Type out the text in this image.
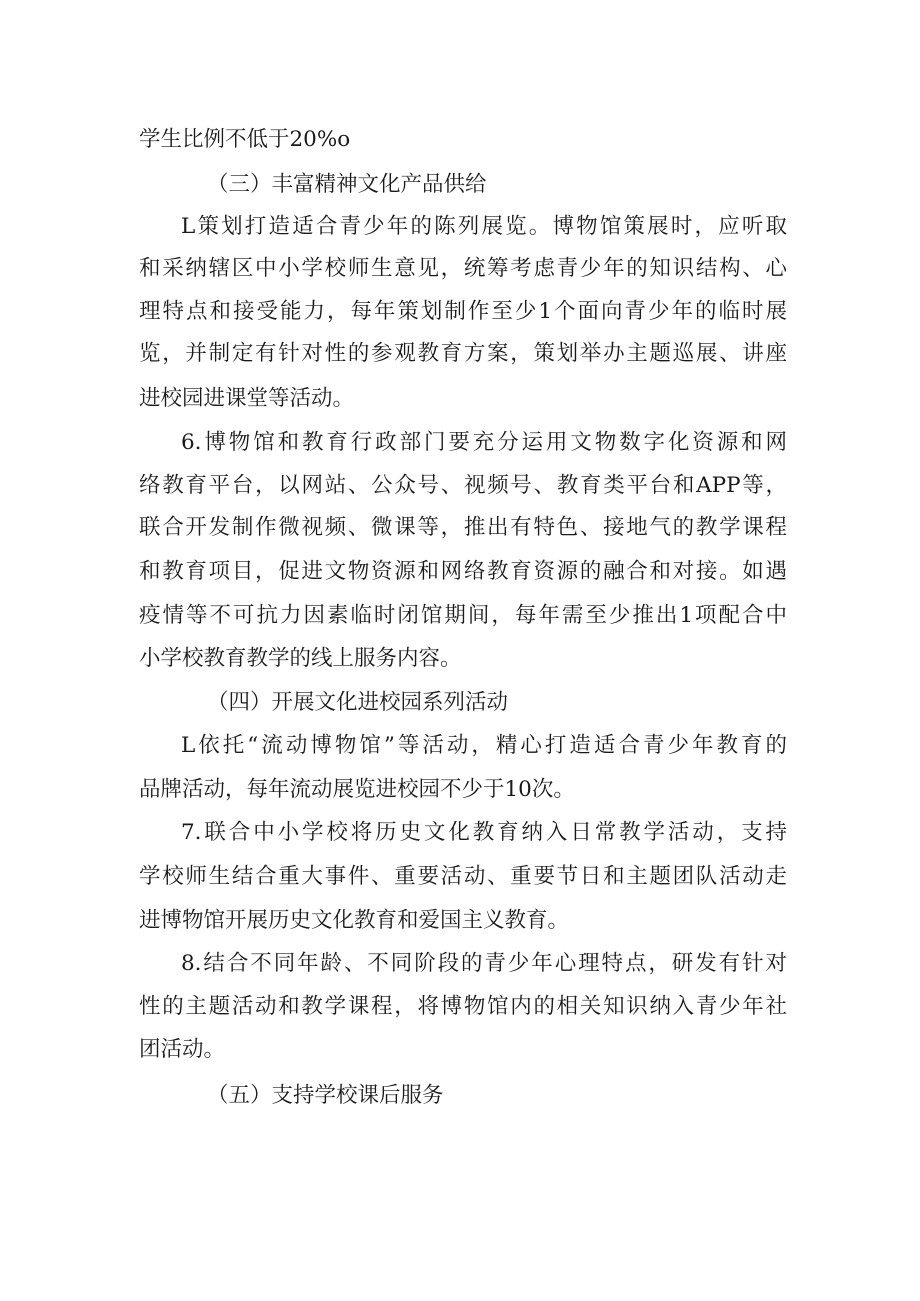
学生比例不低于20%o
（三）丰富精神文化产品供给
L策划打造适合青少年的陈列展览。博物馆策展时，应听取
和采纳辖区中小学校师生意见，统筹考虑青少年的知识结构、心
理特点和接受能力，每年策划制作至少1个面向青少年的临时展
览，并制定有针对性的参观教育方案，策划举办主题巡展、讲座
进校园进课堂等活动。
6.博物馆和教育行政部门要充分运用文物数字化资源和网
络教育平台，以网站、公众号、视频号、教育类平台和APP等，
联合开发制作微视频、微课等，推出有特色、接地气的教学课程
和教育项目，促进文物资源和网络教育资源的融合和对接。如遇
疫情等不可抗力因素临时闭馆期间，每年需至少推出1项配合中
小学校教育教学的线上服务内容。
（四）开展文化进校园系列活动
L依托“流动博物馆”等活动，精心打造适合青少年教育的
品牌活动，每年流动展览进校园不少于10次。
7.联合中小学校将历史文化教育纳入日常教学活动，支持
学校师生结合重大事件、重要活动、重要节日和主题团队活动走
进博物馆开展历史文化教育和爱国主义教育。
8.结合不同年龄、不同阶段的青少年心理特点，研发有针对
性的主题活动和教学课程，将博物馆内的相关知识纳入青少年社
团活动。
（五）支持学校课后服务
